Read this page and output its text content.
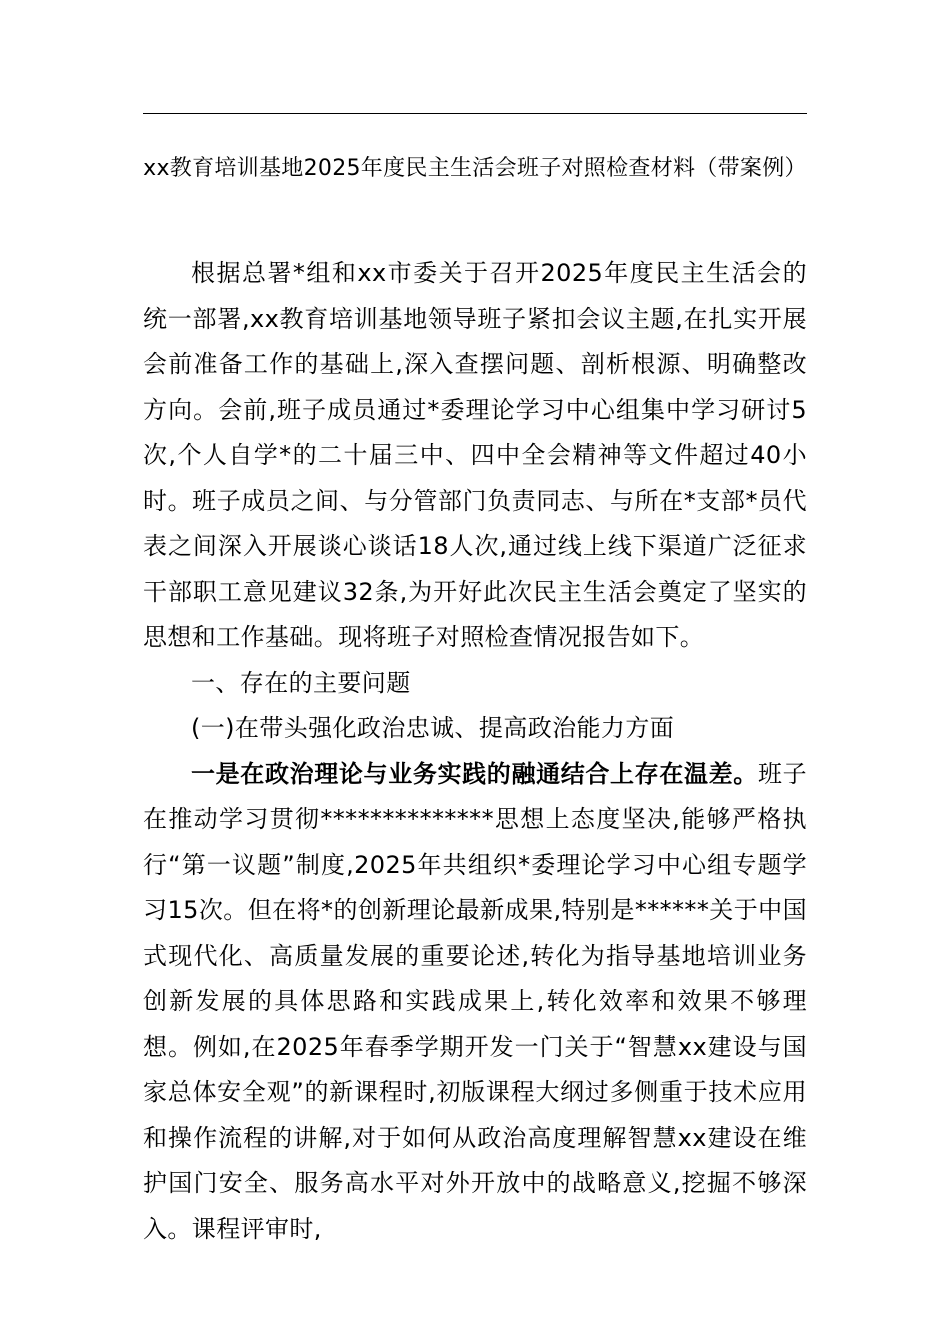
xx教育培训基地2025年度民主生活会班子对照检查材料（带案例）

根据总署*组和xx市委关于召开2025年度民主生活会的统一部署,xx教育培训基地领导班子紧扣会议主题,在扎实开展会前准备工作的基础上,深入查摆问题、剖析根源、明确整改方向。会前,班子成员通过*委理论学习中心组集中学习研讨5次,个人自学*的二十届三中、四中全会精神等文件超过40小时。班子成员之间、与分管部门负责同志、与所在*支部*员代表之间深入开展谈心谈话18人次,通过线上线下渠道广泛征求干部职工意见建议32条,为开好此次民主生活会奠定了坚实的思想和工作基础。现将班子对照检查情况报告如下。

一、存在的主要问题

(一)在带头强化政治忠诚、提高政治能力方面

一是在政治理论与业务实践的融通结合上存在温差。班子在推动学习贯彻**************思想上态度坚决,能够严格执行“第一议题”制度,2025年共组织*委理论学习中心组专题学习15次。但在将*的创新理论最新成果,特别是******关于中国式现代化、高质量发展的重要论述,转化为指导基地培训业务创新发展的具体思路和实践成果上,转化效率和效果不够理想。例如,在2025年春季学期开发一门关于“智慧xx建设与国家总体安全观”的新课程时,初版课程大纲过多侧重于技术应用和操作流程的讲解,对于如何从政治高度理解智慧xx建设在维护国门安全、服务高水平对外开放中的战略意义,挖掘不够深入。课程评审时,
